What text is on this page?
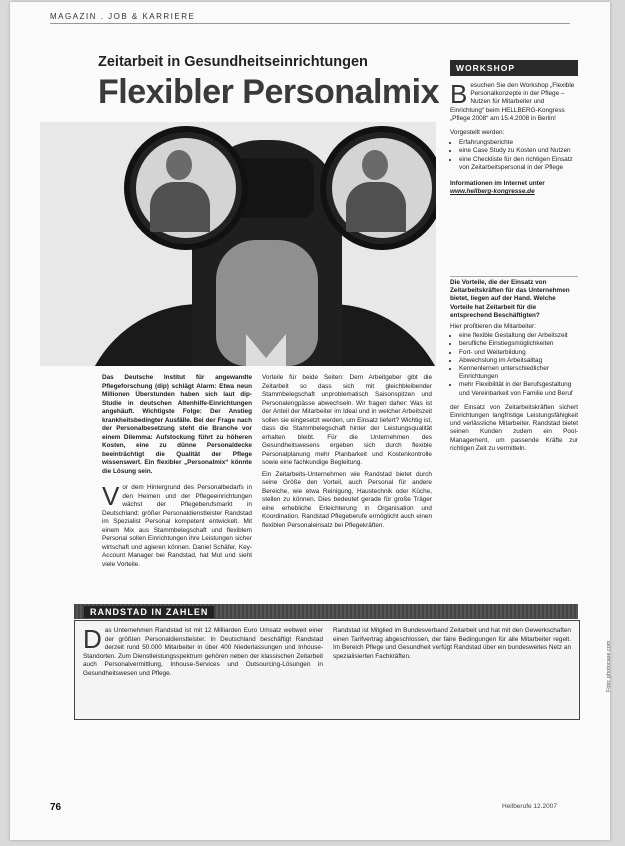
MAGAZIN . JOB & KARRIERE
Zeitarbeit in Gesundheitseinrichtungen
Flexibler Personalmix

Das Deutsche Institut für angewandte Pflegeforschung (dip) schlägt Alarm: Etwa neun Millionen Überstunden haben sich laut dip-Studie in deutschen Altenhilfe-Einrichtungen angehäuft. Wichtigste Folge: Der Anstieg krankheitsbedingter Ausfälle. Bei der Frage nach der Personalbesetzung steht die Branche vor einem Dilemma: Aufstockung führt zu höheren Kosten, eine zu dünne Personaldecke beeinträchtigt die Qualität der Pflege wissenswert. Ein flexibler „Personalmix“ könnte die Lösung sein.

V or dem Hintergrund des Personalbedarfs in den Heimen und der Pflegeeinrichtungen wächst der Pflegeberufsmarkt in Deutschland: größer Personaldienstleister Randstad im Spezialist Personal kompetent entwickelt. Mit einem Mix aus Stammbelegschaft und flexiblem Personal sollen Einrichtungen ihre Leistungen sicher wirtschaft und agieren können. Daniel Schäfer, Key-Account Manager bei Randstad, hat Mut und sieht viele Vorteile.

Vorteile für beide Seiten: Dem Arbeitgeber gibt die Zeitarbeit so dass sich mit gleichbleibender Stammbelegschaft unproblematisch Saisonspitzen und Personalengpässe abwechseln. Wir fragen daher: Was ist der Anteil der Mitarbeiter im Ideal und in welcher Arbeitszeit sollen sie eingesetzt werden, um Einsatz liefert? Wichtig ist, dass die Stammbelegschaft hinter der Leistungsqualität erhalten bleibt. Für die Unternehmen des Gesundheitswesens ergeben sich durch flexible Personalplanung mehr Planbarkeit und Kostenkontrolle sowie eine fachkundige Begleitung.

Ein Zeitarbeits-Unternehmen wie Randstad bietet durch seine Größe den Vorteil, auch Personal für andere Bereiche, wie etwa Reinigung, Haustechnik oder Küche, stellen zu können. Dies bedeutet gerade für große Träger eine erhebliche Erleichterung in Organisation und Koordination. Randstad Pflegeberufe ermöglicht auch einen flexiblen Personaleinsatz bei Pflegekräften.

WORKSHOP

B esuchen Sie den Workshop „Flexible Personalkonzepte in der Pflege – Nutzen für Mitarbeiter und Einrichtung“ beim HELLBERG-Kongress „Pflege 2008“ am 15.4.2008 in Berlin!

Vorgestellt werden:

• Erfahrungsberichte
• eine Case Study zu Kosten und Nutzen
• eine Checkliste für den richtigen Einsatz von Zeitarbeitspersonal in der Pflege

Informationen im Internet unter

www.hellberg-kongresse.de

Die Vorteile, die der Einsatz von Zeitarbeitskräften für das Unternehmen bietet, liegen auf der Hand. Welche Vorteile hat Zeitarbeit für die entsprechend Beschäftigten?

Hier profitieren die Mitarbeiter:

• eine flexible Gestaltung der Arbeitszeit
• berufliche Einstiegsmöglichkeiten
• Fort- und Weiterbildung
• Abwechslung im Arbeitsalltag
• Kennenlernen unterschiedlicher Einrichtungen
• mehr Flexibilität in der Berufsgestaltung und Vereinbarkeit von Familie und Beruf

der Einsatz von Zeitarbeitskräften sichert Einrichtungen langfristige Leistungsfähigkeit und verlässliche Mitarbeiter. Randstad bietet seinen Kunden zudem ein Pool-Management, um passende Kräfte zur richtigen Zeit zu vermitteln.

RANDSTAD IN ZAHLEN

D as Unternehmen Randstad ist mit 12 Milliarden Euro Umsatz weltweit einer der größten Personaldienstleister. In Deutschland beschäftigt Randstad derzeit rund 50.000 Mitarbeiter in über 400 Niederlassungen und Inhouse-Standorten. Zum Dienstleistungsspektrum gehören neben der klassischen Zeitarbeit auch Personalvermittlung, Inhouse-Services und Outsourcing-Lösungen in Gesundheitswesen und Pflege.

Randstad ist Mitglied im Bundesverband Zeitarbeit und hat mit den Gewerkschaften einen Tarifvertrag abgeschlossen, der faire Bedingungen für alle Mitarbeiter regelt. Im Bereich Pflege und Gesundheit verfügt Randstad über ein bundesweites Netz an spezialisierten Fachkräften.

76	Heilberufe 12.2007
Foto: photocase.com
